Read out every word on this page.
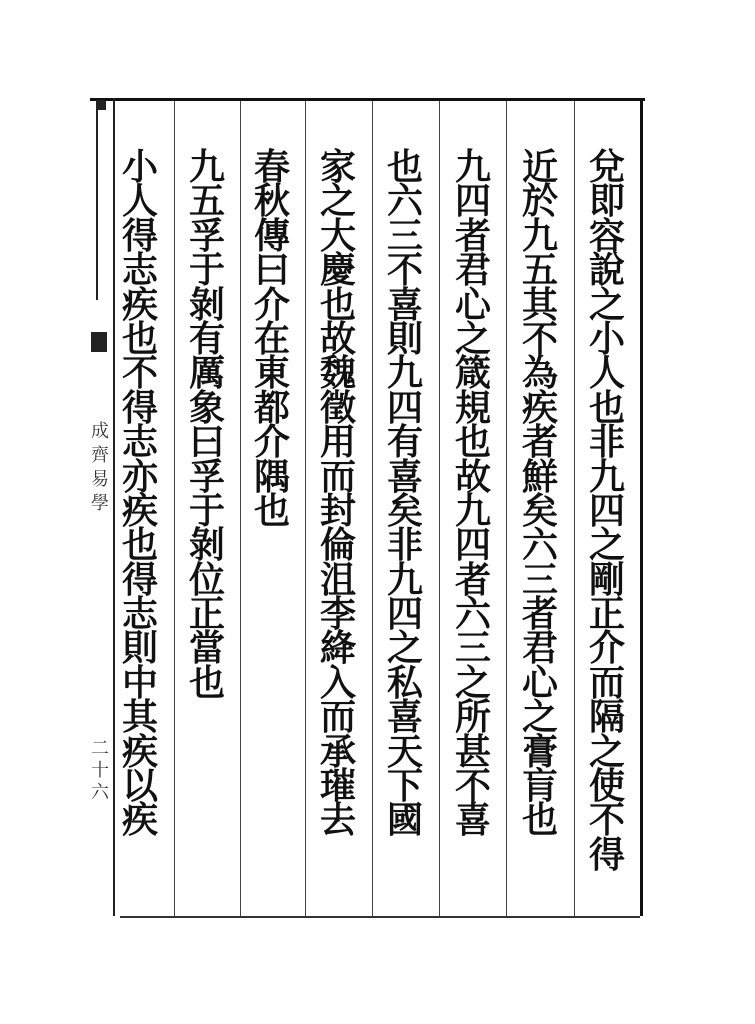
成
齊
易
學
二
十
六
兌
即
容
說
之
小
人
也
非
九
四
之
剛
正
介
而
隔
之
使
不
得
近
於
九
五
其
不
為
疾
者
鮮
矣
六
三
者
君
心
之
膏
肓
也
九
四
者
君
心
之
箴
規
也
故
九
四
者
六
三
之
所
甚
不
喜
也
六
三
不
喜
則
九
四
有
喜
矣
非
九
四
之
私
喜
天
下
國
家
之
大
慶
也
故
魏
徵
用
而
封
倫
沮
李
絳
入
而
承
璀
去
春
秋
傳
曰
介
在
東
都
介
隅
也
九
五
孚
于
剝
有
厲
象
曰
孚
于
剝
位
正
當
也
小
人
得
志
疾
也
不
得
志
亦
疾
也
得
志
則
中
其
疾
以
疾
